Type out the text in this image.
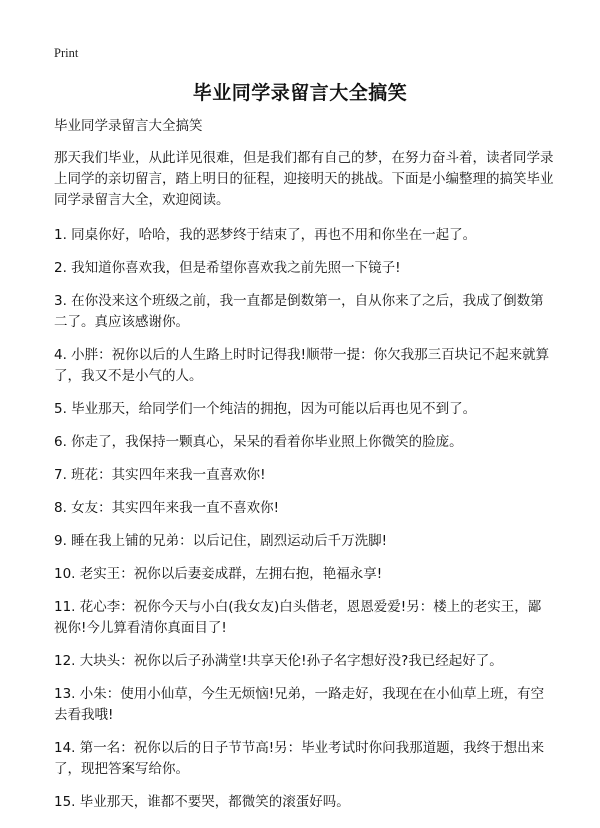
Print
毕业同学录留言大全搞笑

毕业同学录留言大全搞笑

那天我们毕业，从此详见很难，但是我们都有自己的梦，在努力奋斗着，读者同学录上同学的亲切留言，踏上明日的征程，迎接明天的挑战。下面是小编整理的搞笑毕业同学录留言大全，欢迎阅读。

1. 同桌你好，哈哈，我的恶梦终于结束了，再也不用和你坐在一起了。

2. 我知道你喜欢我，但是希望你喜欢我之前先照一下镜子!

3. 在你没来这个班级之前，我一直都是倒数第一，自从你来了之后，我成了倒数第二了。真应该感谢你。

4. 小胖：祝你以后的人生路上时时记得我!顺带一提：你欠我那三百块记不起来就算了，我又不是小气的人。

5. 毕业那天，给同学们一个纯洁的拥抱，因为可能以后再也见不到了。

6. 你走了，我保持一颗真心，呆呆的看着你毕业照上你微笑的脸庞。

7. 班花：其实四年来我一直喜欢你!

8. 女友：其实四年来我一直不喜欢你!

9. 睡在我上铺的兄弟：以后记住，剧烈运动后千万洗脚!

10. 老实王：祝你以后妻妾成群，左拥右抱，艳福永享!

11. 花心李：祝你今天与小白(我女友)白头偕老，恩恩爱爱!另：楼上的老实王，鄙视你!今儿算看清你真面目了!

12. 大块头：祝你以后子孙满堂!共享天伦!孙子名字想好没?我已经起好了。

13. 小朱：使用小仙草，今生无烦恼!兄弟，一路走好，我现在在小仙草上班，有空去看我哦!

14. 第一名：祝你以后的日子节节高!另：毕业考试时你问我那道题，我终于想出来了，现把答案写给你。

15. 毕业那天，谁都不要哭，都微笑的滚蛋好吗。
